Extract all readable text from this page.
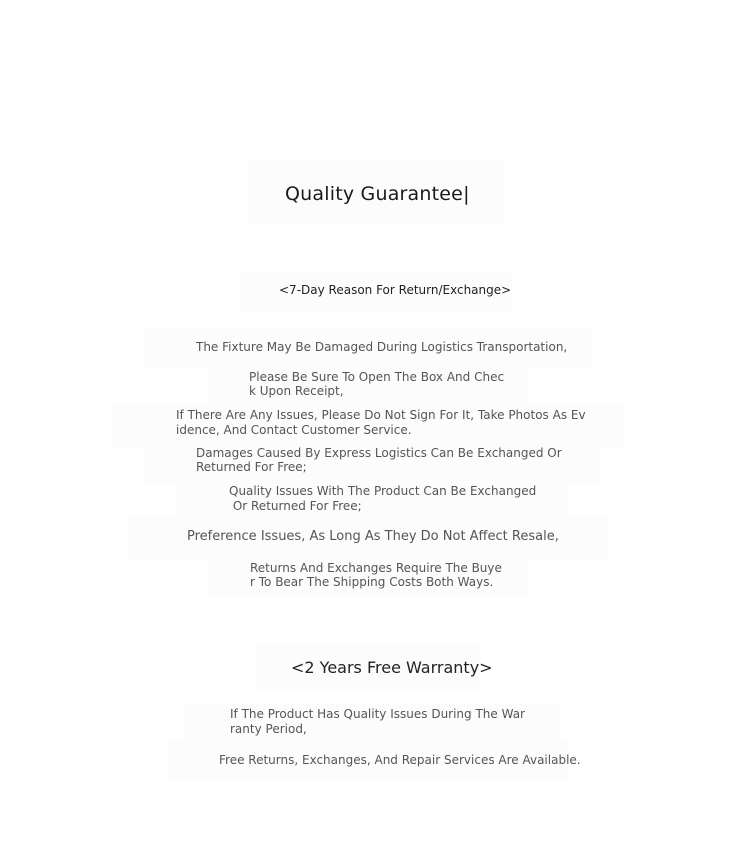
Quality Guarantee|
<7-Day Reason For Return/Exchange>
The Fixture May Be Damaged During Logistics Transportation,
Please Be Sure To Open The Box And Chec
k Upon Receipt,
If There Are Any Issues, Please Do Not Sign For It, Take Photos As Ev
idence, And Contact Customer Service.
Damages Caused By Express Logistics Can Be Exchanged Or
Returned For Free;
Quality Issues With The Product Can Be Exchanged
Or Returned For Free;
Preference Issues, As Long As They Do Not Affect Resale,
Returns And Exchanges Require The Buye
r To Bear The Shipping Costs Both Ways.
<2 Years Free Warranty>
If The Product Has Quality Issues During The War
ranty Period,
Free Returns, Exchanges, And Repair Services Are Available.
